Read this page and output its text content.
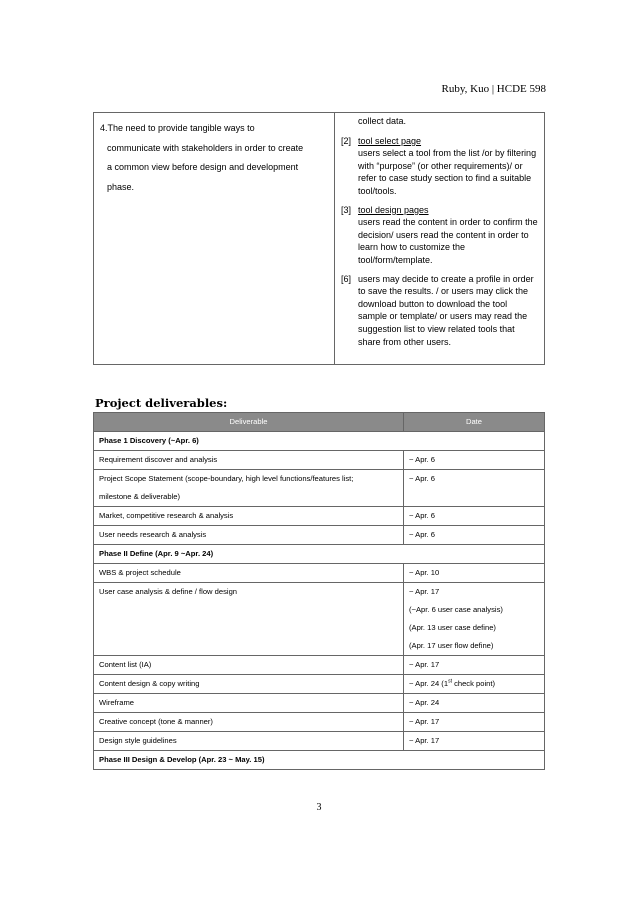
Ruby, Kuo | HCDE 598
4.The need to provide tangible ways to
communicate with stakeholders in order to create
a common view before design and development
phase.

collect data.
[2] tool select page
users select a tool from the list /or by filtering with “purpose” (or other requirements)/ or refer to case study section to find a suitable tool/tools.
[3] tool design pages
users read the content in order to confirm the decision/ users read the content in order to learn how to customize the tool/form/template.
[6] users may decide to create a profile in order to save the results. / or users may click the download button to download the tool sample or template/ or users may read the suggestion list to view related tools that share from other users.
Project deliverables:
Deliverable	Date
Phase 1 Discovery (~Apr. 6)	
Requirement discover and analysis	~ Apr. 6

Project Scope Statement (scope-boundary, high level functions/features list;
milestone & deliverable)	~ Apr. 6
Market, competitive research & analysis	~ Apr. 6
User needs research & analysis	~ Apr. 6
Phase II Define (Apr. 9 ~Apr. 24)	
WBS & project schedule	~ Apr. 10
User case analysis & define / flow design	~ Apr. 17
(~Apr. 6 user case analysis)
(Apr. 13 user case define)
(Apr. 17 user flow define)

Content list (IA)	~ Apr. 17
Content design & copy writing	~ Apr. 24 (1st check point)
Wireframe	~ Apr. 24
Creative concept (tone & manner)	~ Apr. 17
Design style guidelines	~ Apr. 17
Phase III Design & Develop (Apr. 23 ~ May. 15)	
3
